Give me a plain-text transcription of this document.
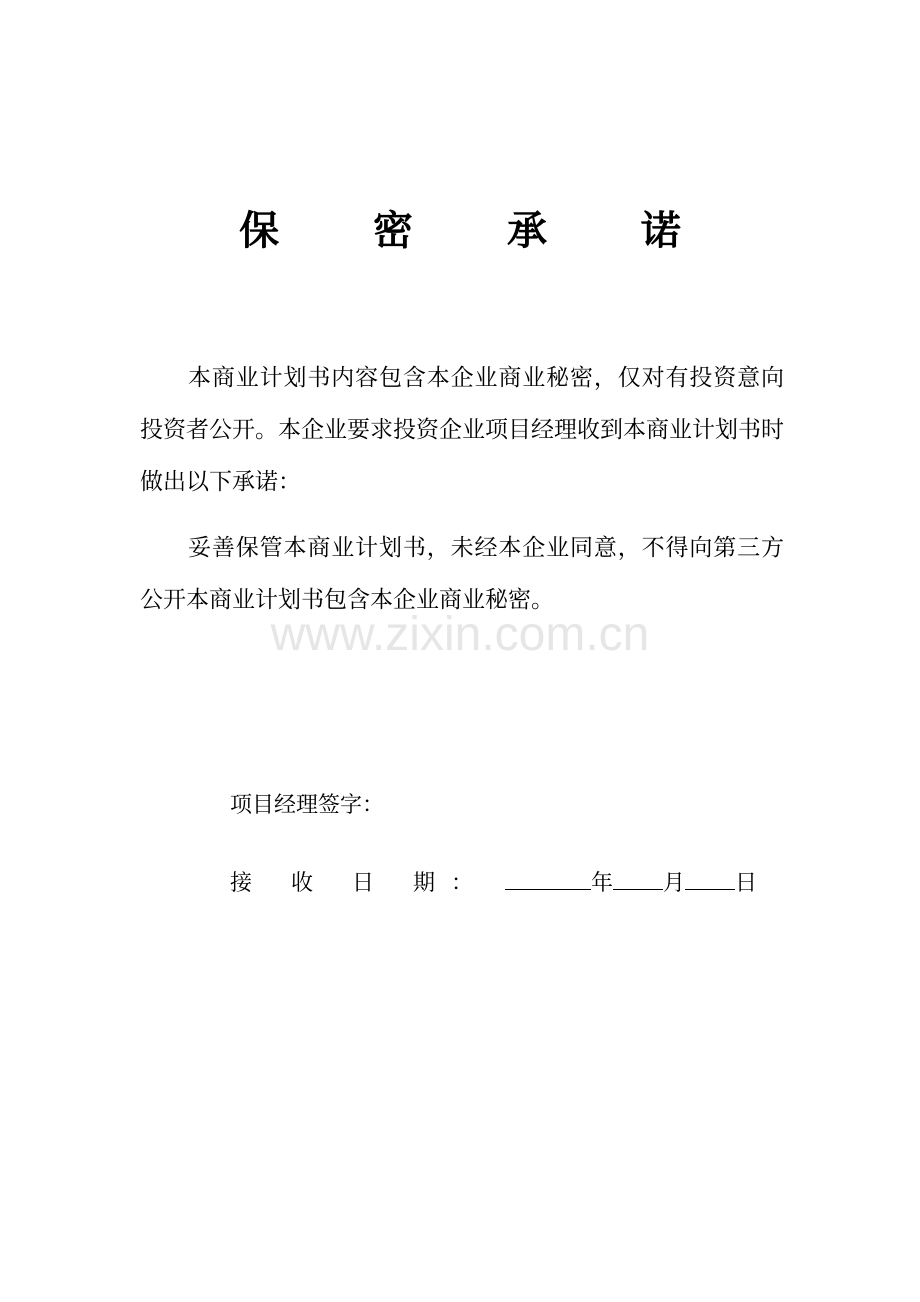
保 密 承 诺
本商业计划书内容包含本企业商业秘密，仅对有投资意向投资者公开。本企业要求投资企业项目经理收到本商业计划书时做出以下承诺：
妥善保管本商业计划书，未经本企业同意，不得向第三方公开本商业计划书包含本企业商业秘密。
www.zixin.com.cn
项目经理签字：
接 收 日 期：	年 月 日
